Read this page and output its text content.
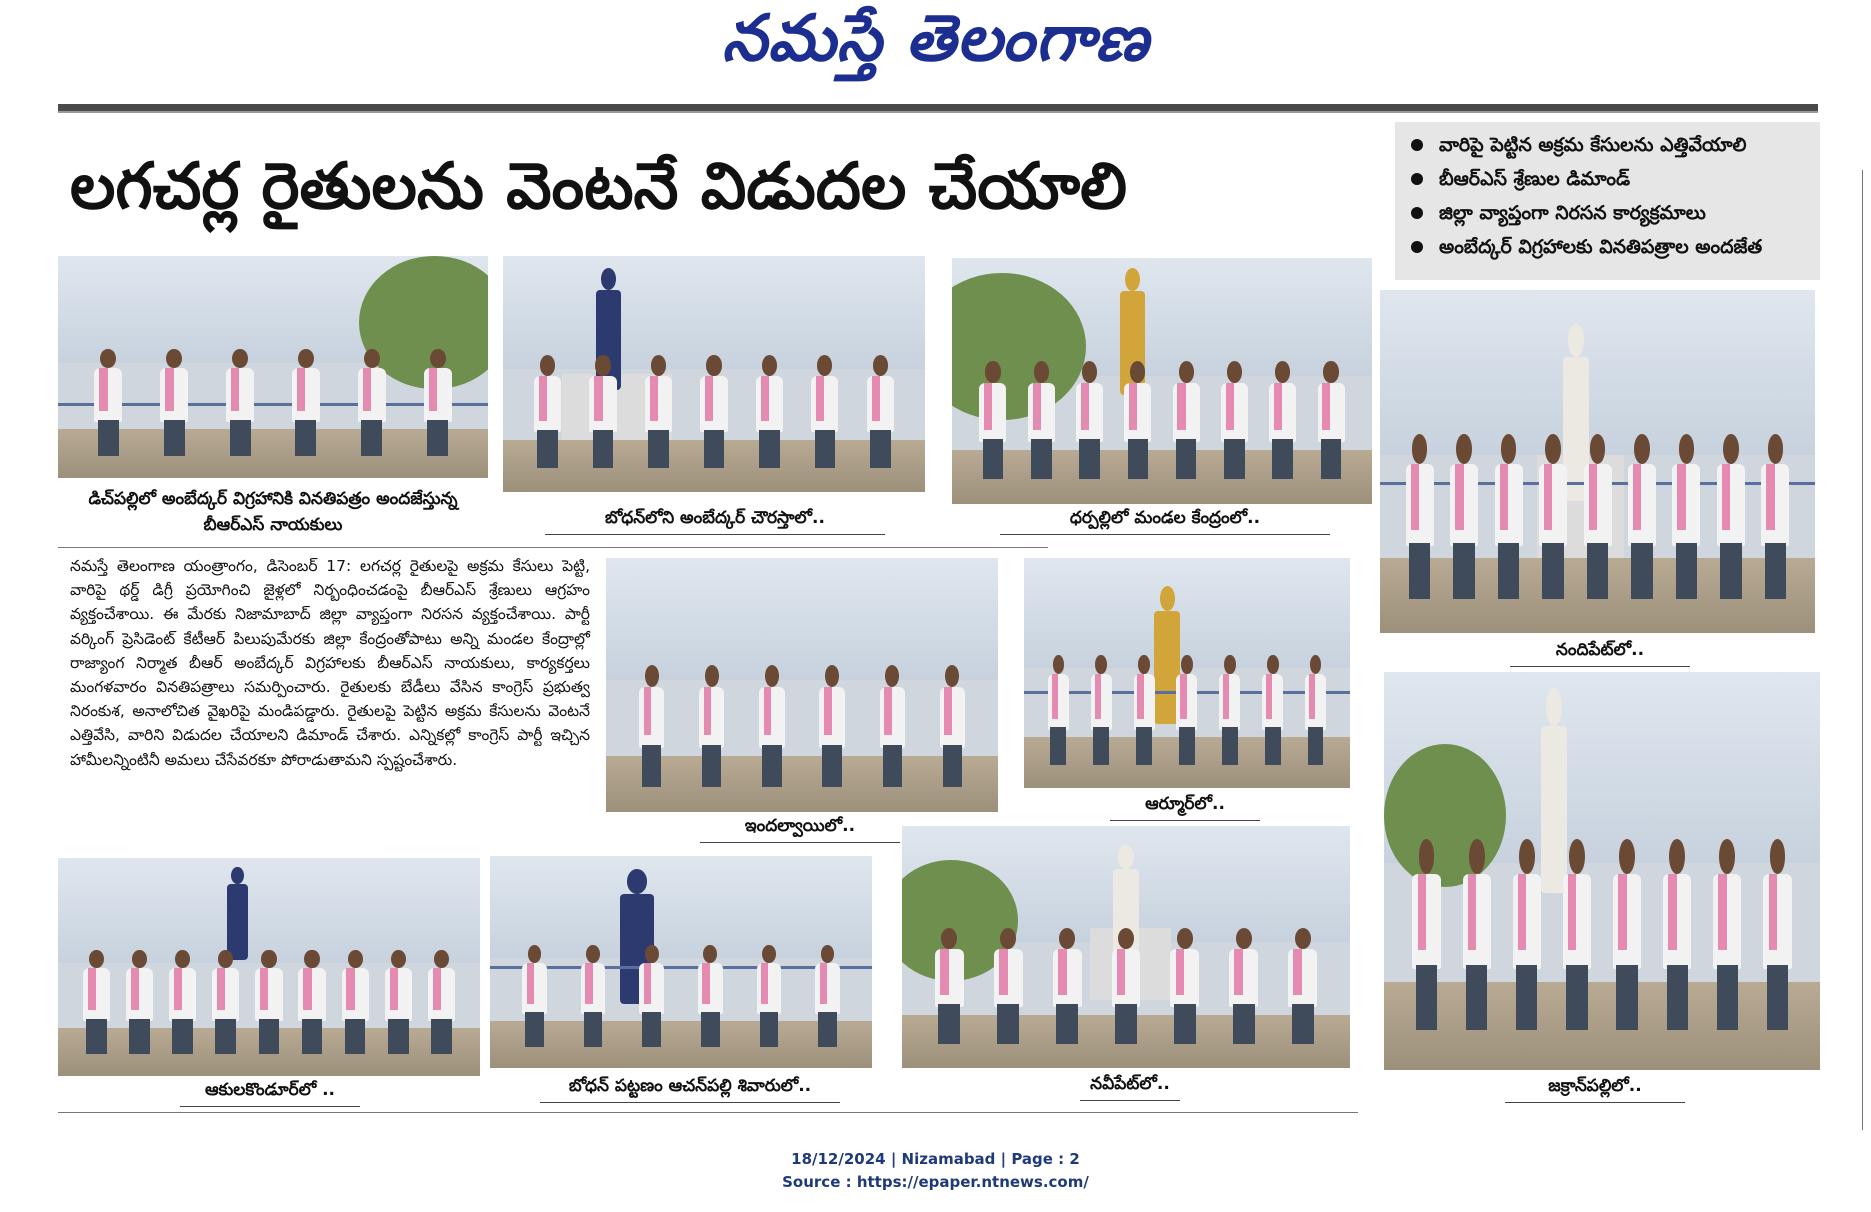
నమస్తే తెలంగాణ
లగచర్ల రైతులను వెంటనే విడుదల చేయాలి
వారిపై పెట్టిన అక్రమ కేసులను ఎత్తివేయాలి
బీఆర్ఎస్ శ్రేణుల డిమాండ్
జిల్లా వ్యాప్తంగా నిరసన కార్యక్రమాలు
అంబేద్కర్ విగ్రహాలకు వినతిపత్రాల అందజేత
డిచ్‌పల్లిలో అంబేద్కర్ విగ్రహానికి వినతిపత్రం అందజేస్తున్న బీఆర్ఎస్ నాయకులు	బోధన్‌లోని అంబేద్కర్ చౌరస్తాలో..	ధర్పల్లిలో మండల కేంద్రంలో..
నందిపేట్‌లో..
ఇందల్వాయిలో..
ఆర్మూర్‌లో..
జక్రాన్‌పల్లిలో..
ఆకులకొండూర్‌లో ..	బోధన్ పట్టణం ఆచన్‌పల్లి శివారులో..	నవీపేట్‌లో..
నమస్తే తెలంగాణ యంత్రాంగం, డిసెంబర్ 17: లగచర్ల రైతులపై అక్రమ కేసులు పెట్టి, వారిపై థర్డ్ డిగ్రీ ప్రయోగించి జైళ్లలో నిర్బంధించడంపై బీఆర్ఎస్ శ్రేణులు ఆగ్రహం వ్యక్తంచేశాయి. ఈ మేరకు నిజామాబాద్ జిల్లా వ్యాప్తంగా నిరసన వ్యక్తంచేశాయి. పార్టీ వర్కింగ్ ప్రెసిడెంట్ కేటీఆర్ పిలుపుమేరకు జిల్లా కేంద్రంతోపాటు అన్ని మండల కేంద్రాల్లో రాజ్యాంగ నిర్మాత బీఆర్ అంబేద్కర్ విగ్రహాలకు బీఆర్ఎస్ నాయకులు, కార్యకర్తలు మంగళవారం వినతిపత్రాలు సమర్పించారు. రైతులకు బేడీలు వేసిన కాంగ్రెస్ ప్రభుత్వ నిరంకుశ, అనాలోచిత వైఖరిపై మండిపడ్డారు. రైతులపై పెట్టిన అక్రమ కేసులను వెంటనే ఎత్తివేసి, వారిని విడుదల చేయాలని డిమాండ్ చేశారు. ఎన్నికల్లో కాంగ్రెస్ పార్టీ ఇచ్చిన హామీలన్నింటినీ అమలు చేసేవరకూ పోరాడుతామని స్పష్టంచేశారు.
18/12/2024 | Nizamabad | Page : 2
Source : https://epaper.ntnews.com/
